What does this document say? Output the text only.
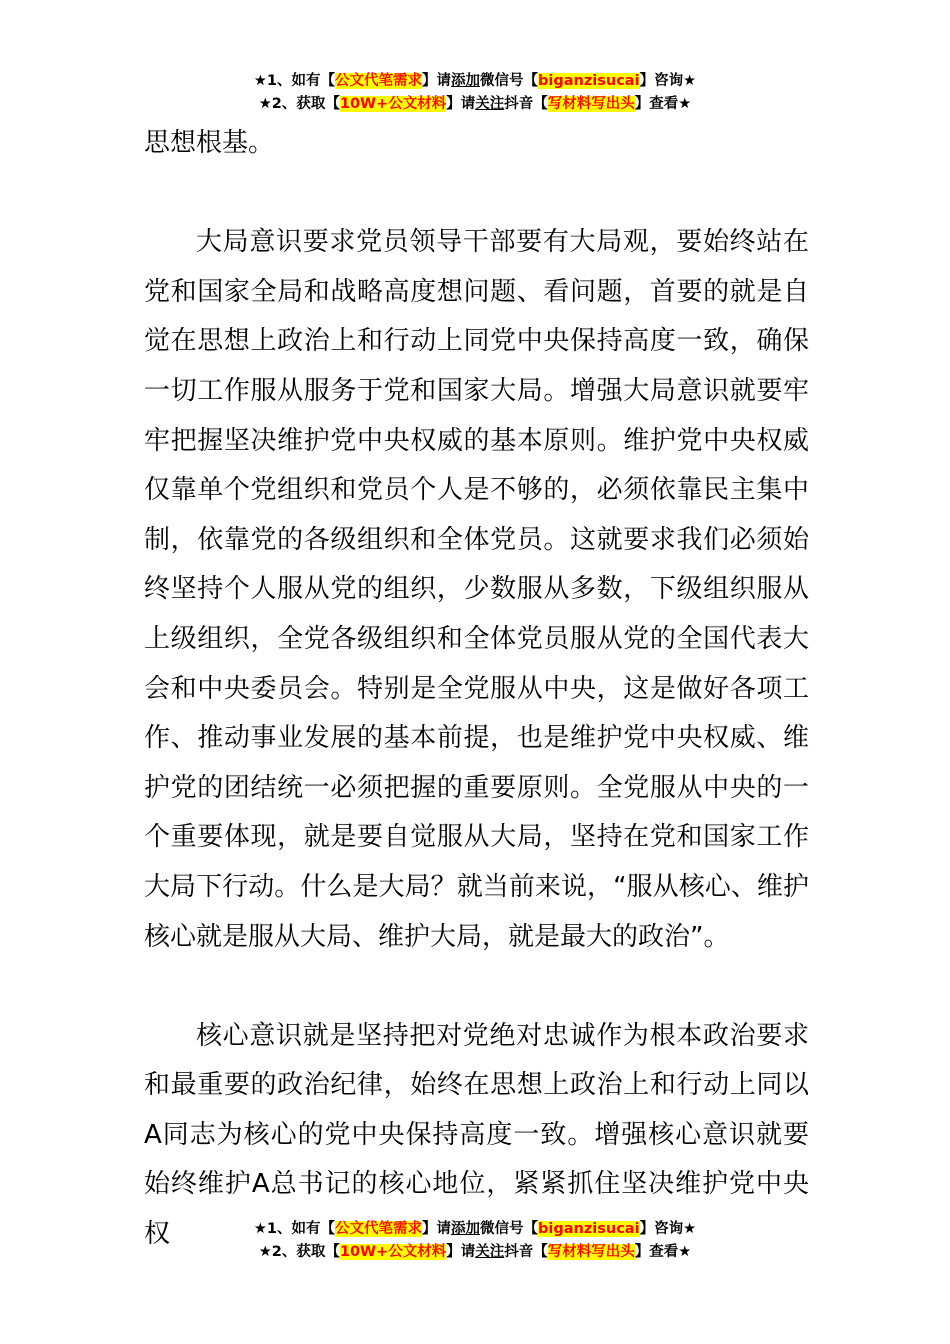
★1、如有【公文代笔需求】请添加微信号【biganzisucai】咨询★
★2、获取【10W+公文材料】请关注抖音【写材料写出头】查看★

思想根基。

大局意识要求党员领导干部要有大局观，要始终站在党和国家全局和战略高度想问题、看问题，首要的就是自觉在思想上政治上和行动上同党中央保持高度一致，确保一切工作服从服务于党和国家大局。增强大局意识就要牢牢把握坚决维护党中央权威的基本原则。维护党中央权威仅靠单个党组织和党员个人是不够的，必须依靠民主集中制，依靠党的各级组织和全体党员。这就要求我们必须始终坚持个人服从党的组织，少数服从多数，下级组织服从上级组织，全党各级组织和全体党员服从党的全国代表大会和中央委员会。特别是全党服从中央，这是做好各项工作、推动事业发展的基本前提，也是维护党中央权威、维护党的团结统一必须把握的重要原则。全党服从中央的一个重要体现，就是要自觉服从大局，坚持在党和国家工作大局下行动。什么是大局？就当前来说，“服从核心、维护核心就是服从大局、维护大局，就是最大的政治”。

核心意识就是坚持把对党绝对忠诚作为根本政治要求和最重要的政治纪律，始终在思想上政治上和行动上同以A同志为核心的党中央保持高度一致。增强核心意识就要始终维护A总书记的核心地位，紧紧抓住坚决维护党中央权	★1、如有【公文代笔需求】请添加微信号【biganzisucai】咨询★
★2、获取【10W+公文材料】请关注抖音【写材料写出头】查看★
